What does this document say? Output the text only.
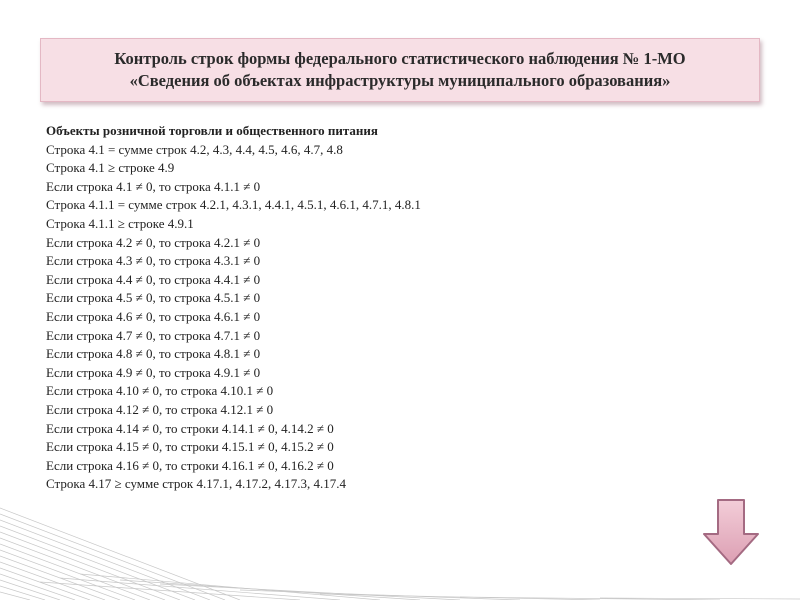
Контроль строк формы федерального статистического наблюдения № 1-МО
«Сведения об объектах инфраструктуры муниципального образования»
Объекты розничной торговли и общественного питания
Строка 4.1 = сумме строк 4.2, 4.3, 4.4, 4.5, 4.6, 4.7, 4.8
Строка 4.1 ≥ строке 4.9
Если строка 4.1 ≠ 0, то строка 4.1.1 ≠ 0
Строка 4.1.1 = сумме строк 4.2.1, 4.3.1, 4.4.1, 4.5.1, 4.6.1, 4.7.1, 4.8.1
Строка 4.1.1 ≥ строке 4.9.1
Если строка 4.2 ≠ 0, то строка 4.2.1 ≠ 0
Если строка 4.3 ≠ 0, то строка 4.3.1 ≠ 0
Если строка 4.4 ≠ 0, то строка 4.4.1 ≠ 0
Если строка 4.5 ≠ 0, то строка 4.5.1 ≠ 0
Если строка 4.6 ≠ 0, то строка 4.6.1 ≠ 0
Если строка 4.7 ≠ 0, то строка 4.7.1 ≠ 0
Если строка 4.8 ≠ 0, то строка 4.8.1 ≠ 0
Если строка 4.9 ≠ 0, то строка 4.9.1 ≠ 0
Если строка 4.10 ≠ 0, то строка 4.10.1 ≠ 0
Если строка 4.12 ≠ 0, то строка 4.12.1 ≠ 0
Если строка 4.14 ≠ 0, то строки 4.14.1 ≠ 0, 4.14.2 ≠ 0
Если строка 4.15 ≠ 0, то строки 4.15.1 ≠ 0, 4.15.2 ≠ 0
Если строка 4.16 ≠ 0, то строки 4.16.1 ≠ 0, 4.16.2 ≠ 0
Строка 4.17 ≥ сумме строк 4.17.1, 4.17.2, 4.17.3, 4.17.4
